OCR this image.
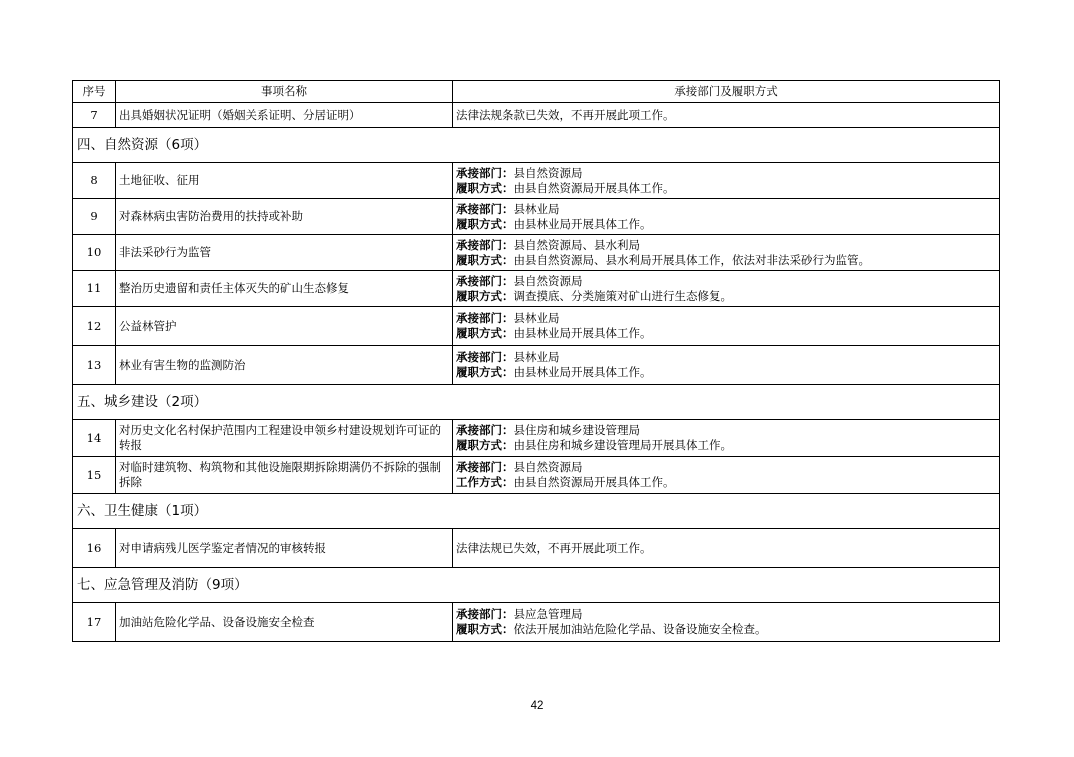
序号	事项名称	承接部门及履职方式
7	出具婚姻状况证明（婚姻关系证明、分居证明）	法律法规条款已失效，不再开展此项工作。
四、自然资源（6项）		
8	土地征收、征用	承接部门：县自然资源局
履职方式：由县自然资源局开展具体工作。

9	对森林病虫害防治费用的扶持或补助	承接部门：县林业局
履职方式：由县林业局开展具体工作。

10	非法采砂行为监管	承接部门：县自然资源局、县水利局
履职方式：由县自然资源局、县水利局开展具体工作，依法对非法采砂行为监管。

11	整治历史遗留和责任主体灭失的矿山生态修复	承接部门：县自然资源局
履职方式：调查摸底、分类施策对矿山进行生态修复。

12	公益林管护	承接部门：县林业局
履职方式：由县林业局开展具体工作。

13	林业有害生物的监测防治	承接部门：县林业局
履职方式：由县林业局开展具体工作。

五、城乡建设（2项）		
14	对历史文化名村保护范围内工程建设申领乡村建设规划许可证的转报	承接部门：县住房和城乡建设管理局
履职方式：由县住房和城乡建设管理局开展具体工作。

15	对临时建筑物、构筑物和其他设施限期拆除期满仍不拆除的强制拆除	承接部门：县自然资源局
工作方式：由县自然资源局开展具体工作。

六、卫生健康（1项）		
16	对申请病残儿医学鉴定者情况的审核转报	法律法规已失效，不再开展此项工作。
七、应急管理及消防（9项）		
17	加油站危险化学品、设备设施安全检查	承接部门：县应急管理局
履职方式：依法开展加油站危险化学品、设备设施安全检查。
42
